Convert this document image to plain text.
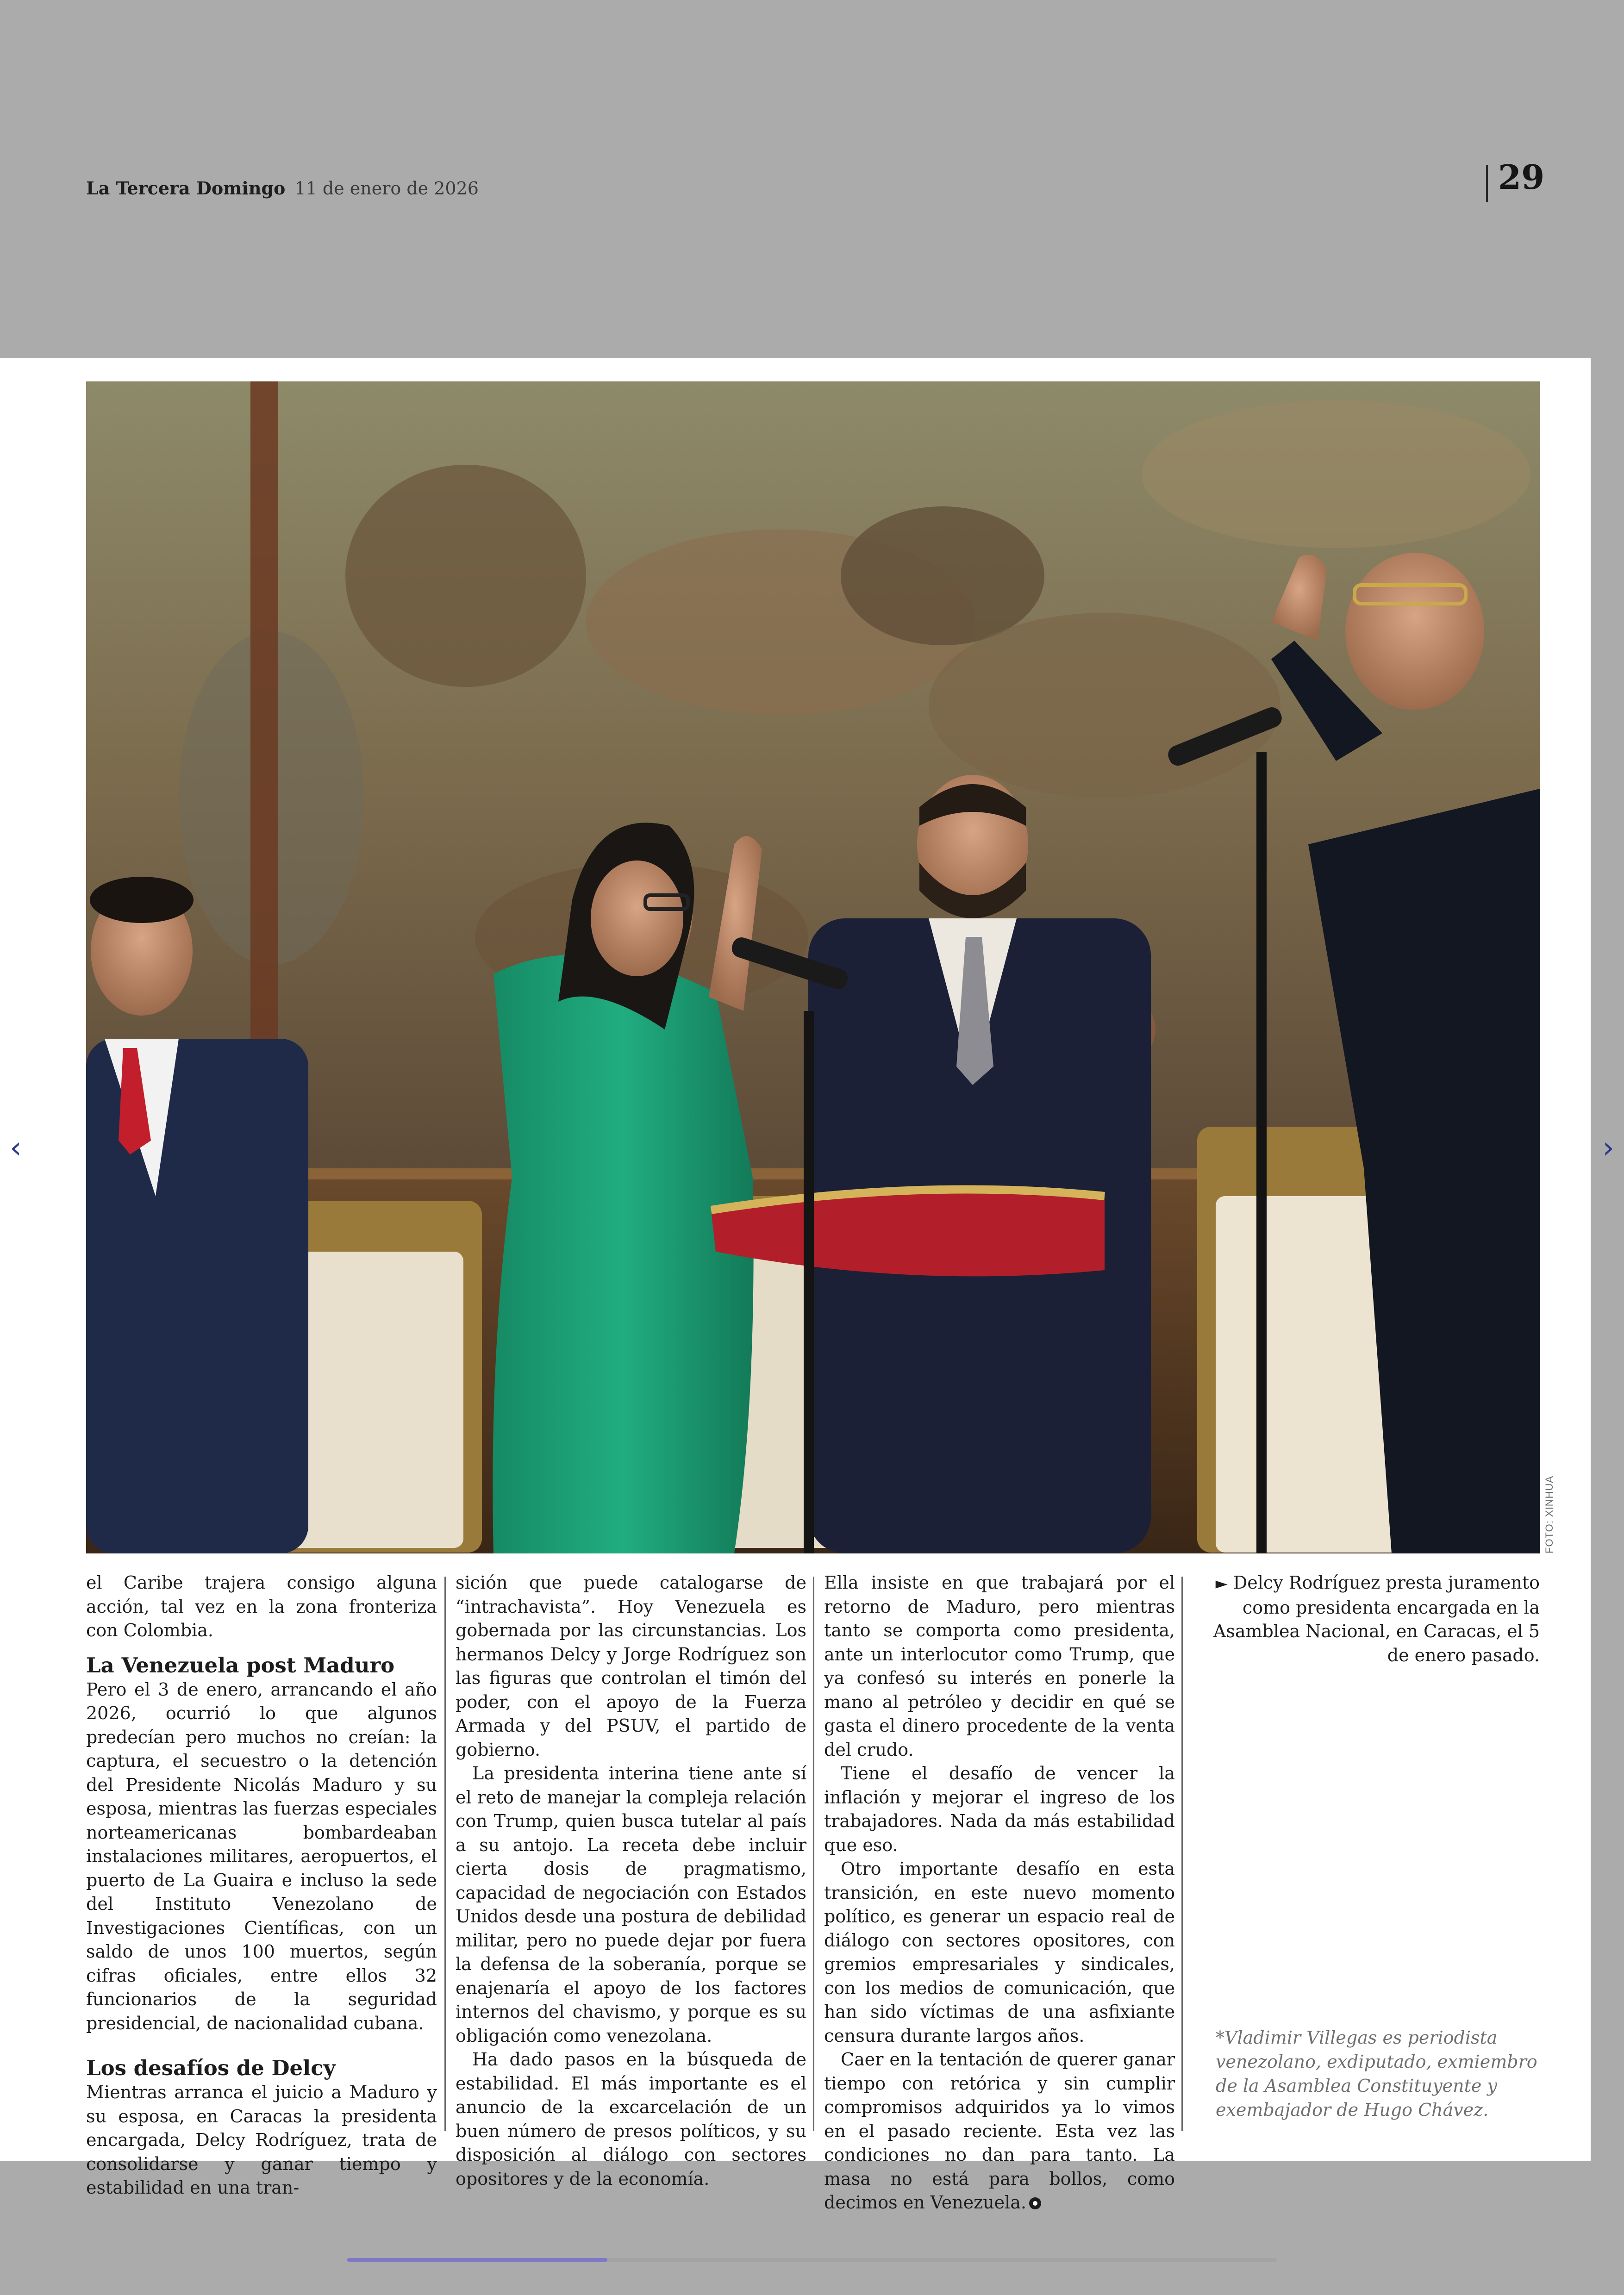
La Tercera Domingo 11 de enero de 2026	29
FOTO: XINHUA

el Caribe trajera consigo alguna acción, tal vez en la zona fronteriza con Colombia.

La Venezuela post Maduro

Pero el 3 de enero, arrancando el año 2026, ocurrió lo que algunos predecían pero muchos no creían: la captura, el secuestro o la detención del Presidente Nicolás Maduro y su esposa, mientras las fuerzas especiales norteamericanas bombardeaban instalaciones militares, aeropuertos, el puerto de La Guaira e incluso la sede del Instituto Venezolano de Investigaciones Científicas, con un saldo de unos 100 muertos, según cifras oficiales, entre ellos 32 funcionarios de la seguridad presidencial, de nacionalidad cubana.

Los desafíos de Delcy

Mientras arranca el juicio a Maduro y su esposa, en Caracas la presidenta encargada, Delcy Rodríguez, trata de consolidarse y ganar tiempo y estabilidad en una tran-

sición que puede catalogarse de “intrachavista”. Hoy Venezuela es gobernada por las circunstancias. Los hermanos Delcy y Jorge Rodríguez son las figuras que controlan el timón del poder, con el apoyo de la Fuerza Armada y del PSUV, el partido de gobierno.

La presidenta interina tiene ante sí el reto de manejar la compleja relación con Trump, quien busca tutelar al país a su antojo. La receta debe incluir cierta dosis de pragmatismo, capacidad de negociación con Estados Unidos desde una postura de debilidad militar, pero no puede dejar por fuera la defensa de la soberanía, porque se enajenaría el apoyo de los factores internos del chavismo, y porque es su obligación como venezolana.

Ha dado pasos en la búsqueda de estabilidad. El más importante es el anuncio de la excarcelación de un buen número de presos políticos, y su disposición al diálogo con sectores opositores y de la economía.

Ella insiste en que trabajará por el retorno de Maduro, pero mientras tanto se comporta como presidenta, ante un interlocutor como Trump, que ya confesó su interés en ponerle la mano al petróleo y decidir en qué se gasta el dinero procedente de la venta del crudo.

Tiene el desafío de vencer la inflación y mejorar el ingreso de los trabajadores. Nada da más estabilidad que eso.

Otro importante desafío en esta transición, en este nuevo momento político, es generar un espacio real de diálogo con sectores opositores, con gremios empresariales y sindicales, con los medios de comunicación, que han sido víctimas de una asfixiante censura durante largos años.

Caer en la tentación de querer ganar tiempo con retórica y sin cumplir compromisos adquiridos ya lo vimos en el pasado reciente. Esta vez las condiciones no dan para tanto. La masa no está para bollos, como decimos en Venezuela.

► Delcy Rodríguez presta juramento como presidenta encargada en la Asamblea Nacional, en Caracas, el 5 de enero pasado.
*Vladimir Villegas es periodista venezolano, exdiputado, exmiembro de la Asamblea Constituyente y exembajador de Hugo Chávez.
‹	›
